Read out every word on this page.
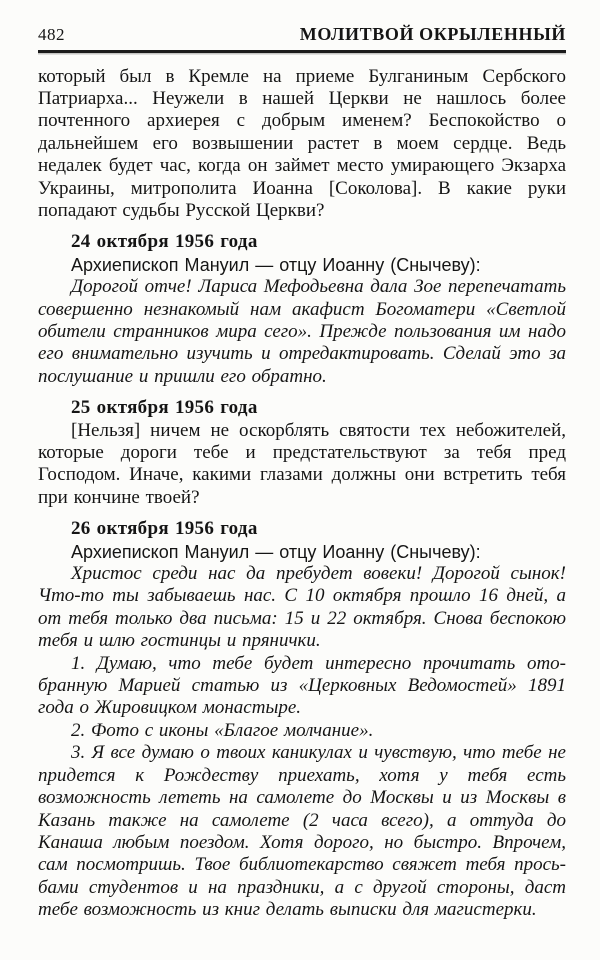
482	МОЛИТВОЙ ОКРЫЛЕННЫЙ

который был в Кремле на приеме Булганиным Сербского Патриарха... Неужели в нашей Церкви не нашлось более почтенного архиерея с добрым именем? Беспокойство о дальнейшем его возвышении растет в моем сердце. Ведь недалек будет час, когда он займет место умирающего Экзарха Украины, митрополита Иоанна [Соколова]. В какие руки попадают судьбы Русской Церкви?

24 октября 1956 года

Архиепископ Мануил — отцу Иоанну (Снычеву):

Дорогой отче! Лариса Мефодьевна дала Зое перепечатать совершенно незнакомый нам акафист Богоматери «Светлой обители странников мира сего». Прежде пользования им надо его внимательно изучить и отредактировать. Сделай это за послушание и пришли его обратно.

25 октября 1956 года

[Нельзя] ничем не оскорблять святости тех небожителей, которые дороги тебе и предстательствуют за тебя пред Господом. Иначе, какими глазами должны они встретить тебя при кончине твоей?

26 октября 1956 года

Архиепископ Мануил — отцу Иоанну (Снычеву):

Христос среди нас да пребудет вовеки! Дорогой сынок! Что-то ты забываешь нас. С 10 октября прошло 16 дней, а от тебя только два письма: 15 и 22 октября. Снова беспокою тебя и шлю гостинцы и прянички.

1. Думаю, что тебе будет интересно прочитать отобранную Марией статью из «Церковных Ведомостей» 1891 года о Жировицком монастыре.

2. Фото с иконы «Благое молчание».

3. Я все думаю о твоих каникулах и чувствую, что тебе не придется к Рождеству приехать, хотя у тебя есть возможность лететь на самолете до Москвы и из Москвы в Казань также на самолете (2 часа всего), а оттуда до Канаша любым поездом. Хотя дорого, но быстро. Впрочем, сам посмотришь. Твое библиотекарство свяжет тебя просьбами студентов и на праздники, а с другой стороны, даст тебе возможность из книг делать выписки для магистерки.
